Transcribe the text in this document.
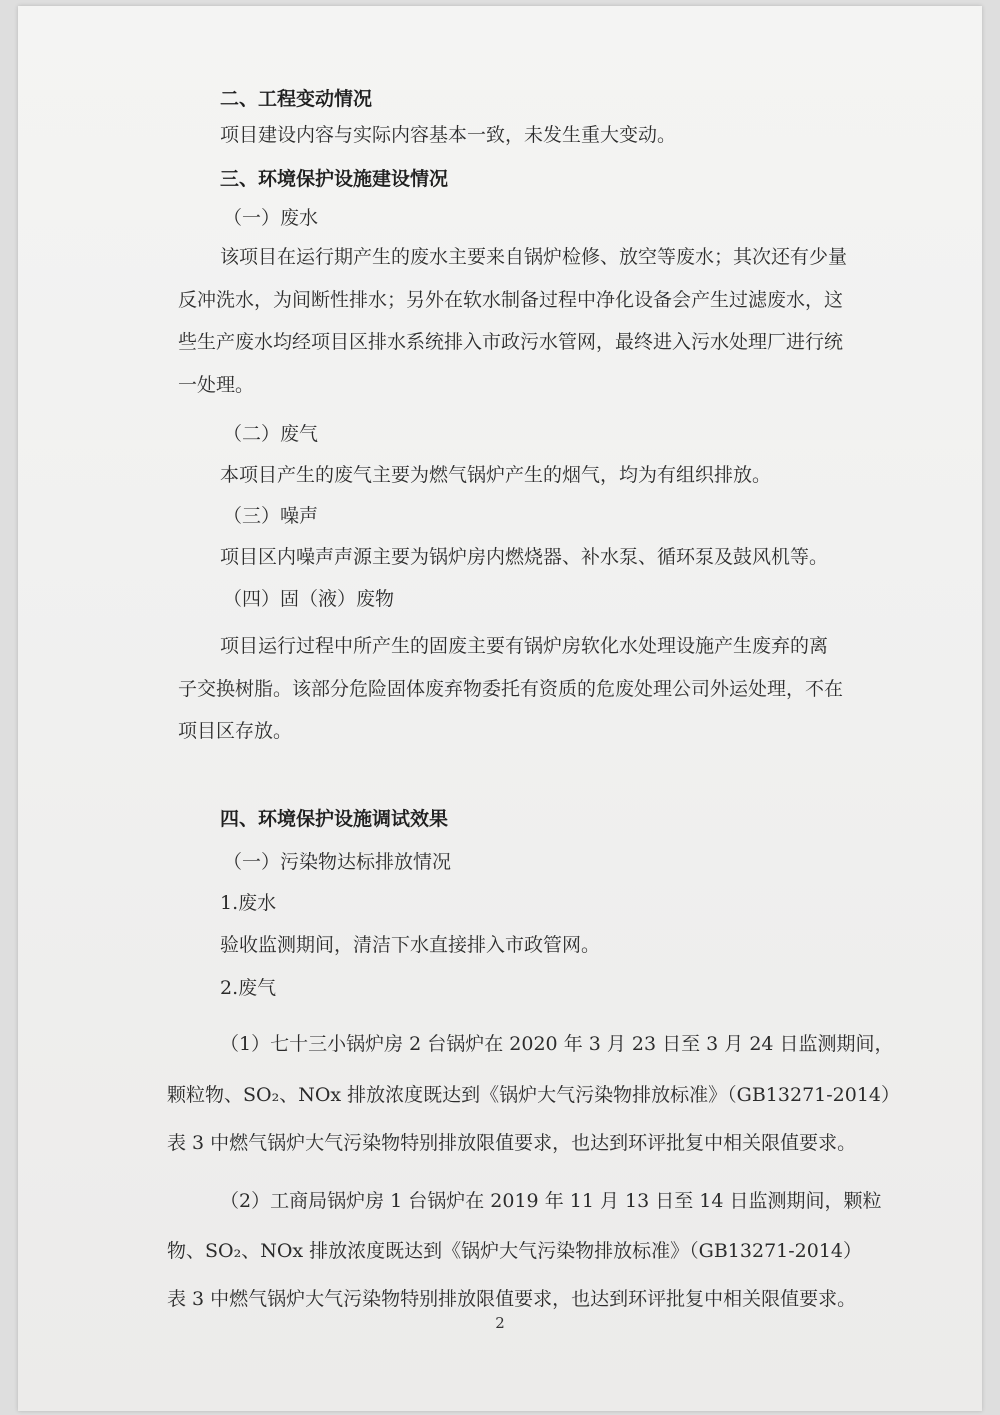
二、工程变动情况
项目建设内容与实际内容基本一致，未发生重大变动。
三、环境保护设施建设情况
（一）废水
该项目在运行期产生的废水主要来自锅炉检修、放空等废水；其次还有少量
反冲洗水，为间断性排水；另外在软水制备过程中净化设备会产生过滤废水，这
些生产废水均经项目区排水系统排入市政污水管网，最终进入污水处理厂进行统
一处理。
（二）废气
本项目产生的废气主要为燃气锅炉产生的烟气，均为有组织排放。
（三）噪声
项目区内噪声声源主要为锅炉房内燃烧器、补水泵、循环泵及鼓风机等。
（四）固（液）废物
项目运行过程中所产生的固废主要有锅炉房软化水处理设施产生废弃的离
子交换树脂。该部分危险固体废弃物委托有资质的危废处理公司外运处理，不在
项目区存放。
四、环境保护设施调试效果
（一）污染物达标排放情况
1.废水
验收监测期间，清洁下水直接排入市政管网。
2.废气
（1）七十三小锅炉房 2 台锅炉在 2020 年 3 月 23 日至 3 月 24 日监测期间，
颗粒物、SO₂、NOx 排放浓度既达到《锅炉大气污染物排放标准》（GB13271-2014）
表 3 中燃气锅炉大气污染物特别排放限值要求，也达到环评批复中相关限值要求。
（2）工商局锅炉房 1 台锅炉在 2019 年 11 月 13 日至 14 日监测期间，颗粒
物、SO₂、NOx 排放浓度既达到《锅炉大气污染物排放标准》（GB13271-2014）
表 3 中燃气锅炉大气污染物特别排放限值要求，也达到环评批复中相关限值要求。
2
